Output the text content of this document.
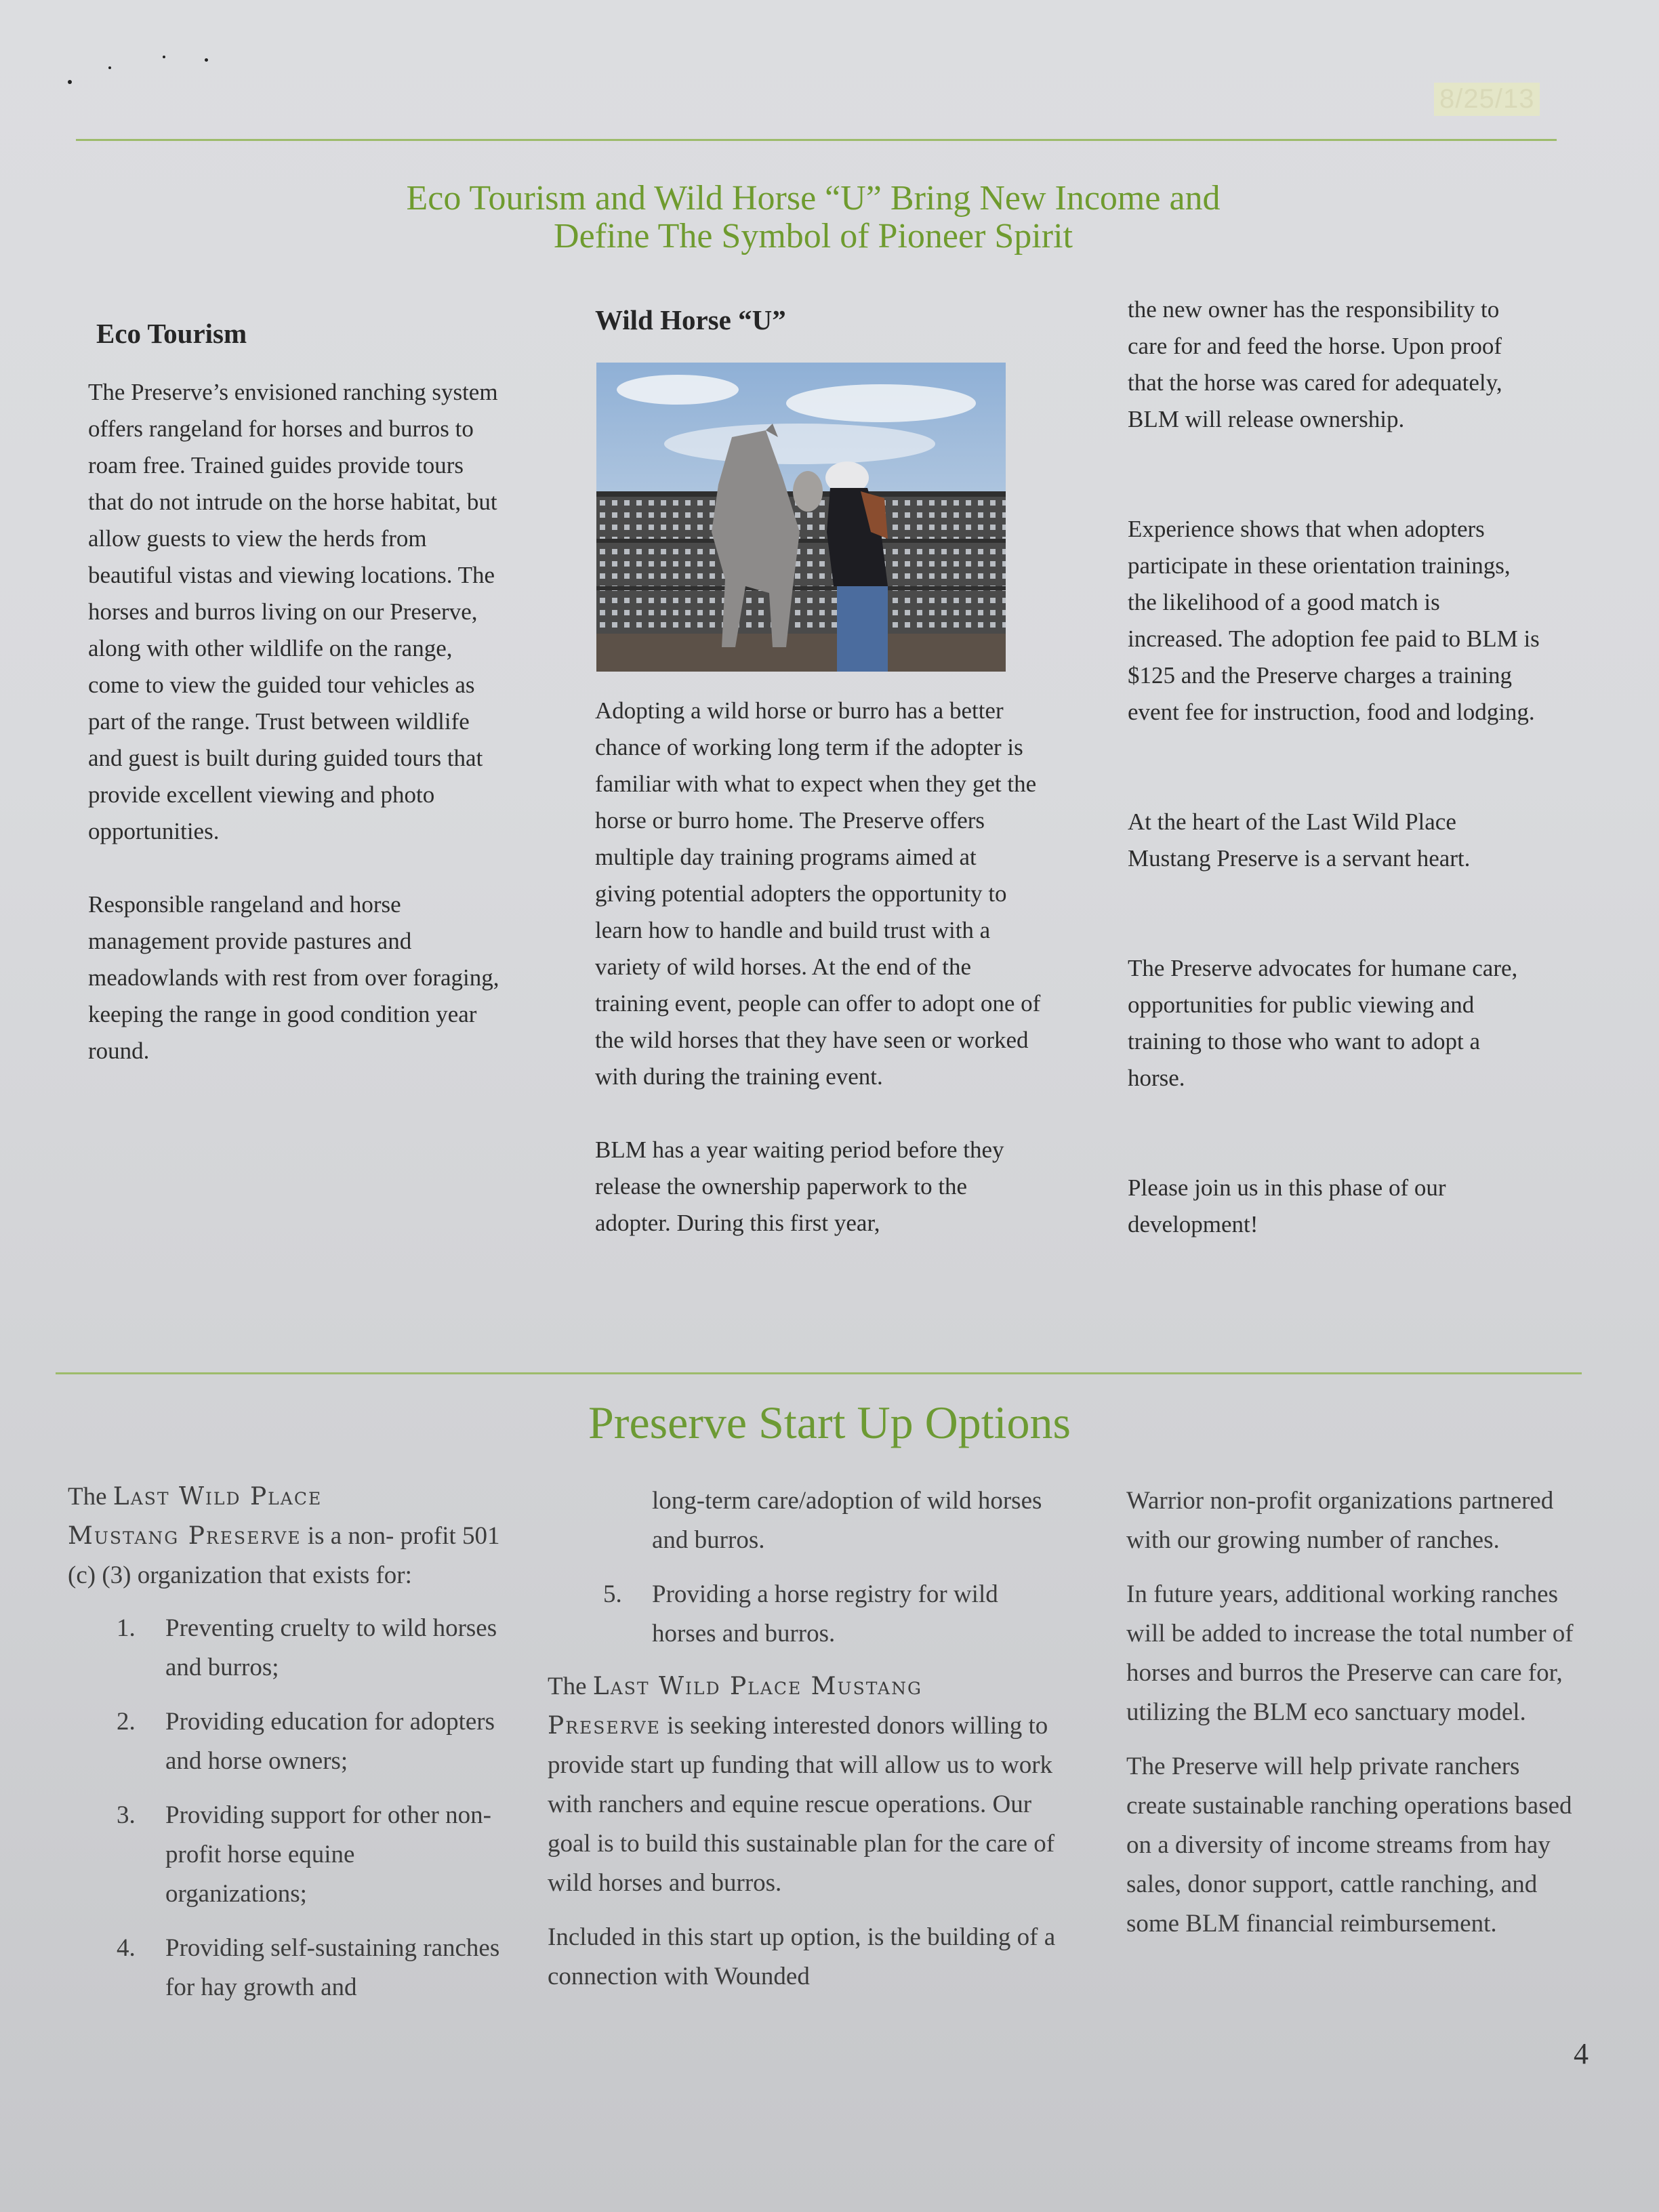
8/25/13
Eco Tourism and Wild Horse “U” Bring New Income and
Define The Symbol of Pioneer Spirit
Eco Tourism

The Preserve’s envisioned ranching system offers rangeland for horses and burros to roam free. Trained guides provide tours that do not intrude on the horse habitat, but allow guests to view the herds from beautiful vistas and viewing locations. The horses and burros living on our Preserve, along with other wildlife on the range, come to view the guided tour vehicles as part of the range. Trust between wildlife and guest is built during guided tours that provide excellent viewing and photo opportunities.

Responsible rangeland and horse management provide pastures and meadowlands with rest from over foraging, keeping the range in good condition year round.

Wild Horse “U”

Adopting a wild horse or burro has a better chance of working long term if the adopter is familiar with what to expect when they get the horse or burro home. The Preserve offers multiple day training programs aimed at giving potential adopters the opportunity to learn how to handle and build trust with a variety of wild horses. At the end of the training event, people can offer to adopt one of the wild horses that they have seen or worked with during the training event.

BLM has a year waiting period before they release the ownership paperwork to the adopter. During this first year,

the new owner has the responsibility to care for and feed the horse. Upon proof that the horse was cared for adequately, BLM will release ownership.

Experience shows that when adopters participate in these orientation trainings, the likelihood of a good match is increased. The adoption fee paid to BLM is $125 and the Preserve charges a training event fee for instruction, food and lodging.

At the heart of the Last Wild Place Mustang Preserve is a servant heart.

The Preserve advocates for humane care, opportunities for public viewing and training to those who want to adopt a horse.

Please join us in this phase of our development!

Preserve Start Up Options

The Last Wild Place
Mustang Preserve is a non- profit 501 (c) (3) organization that exists for:

1. Preventing cruelty to wild horses and burros;
2. Providing education for adopters and horse owners;
3. Providing support for other non-profit horse equine organizations;
4. Providing self-sustaining ranches for hay growth and

long-term care/adoption of wild horses and burros.

5. Providing a horse registry for wild horses and burros.

The Last Wild Place Mustang
Preserve is seeking interested donors willing to provide start up funding that will allow us to work with ranchers and equine rescue operations. Our goal is to build this sustainable plan for the care of wild horses and burros.

Included in this start up option, is the building of a connection with Wounded

Warrior non-profit organizations partnered with our growing number of ranches.

In future years, additional working ranches will be added to increase the total number of horses and burros the Preserve can care for, utilizing the BLM eco sanctuary model.

The Preserve will help private ranchers create sustainable ranching operations based on a diversity of income streams from hay sales, donor support, cattle ranching, and some BLM financial reimbursement.

4
